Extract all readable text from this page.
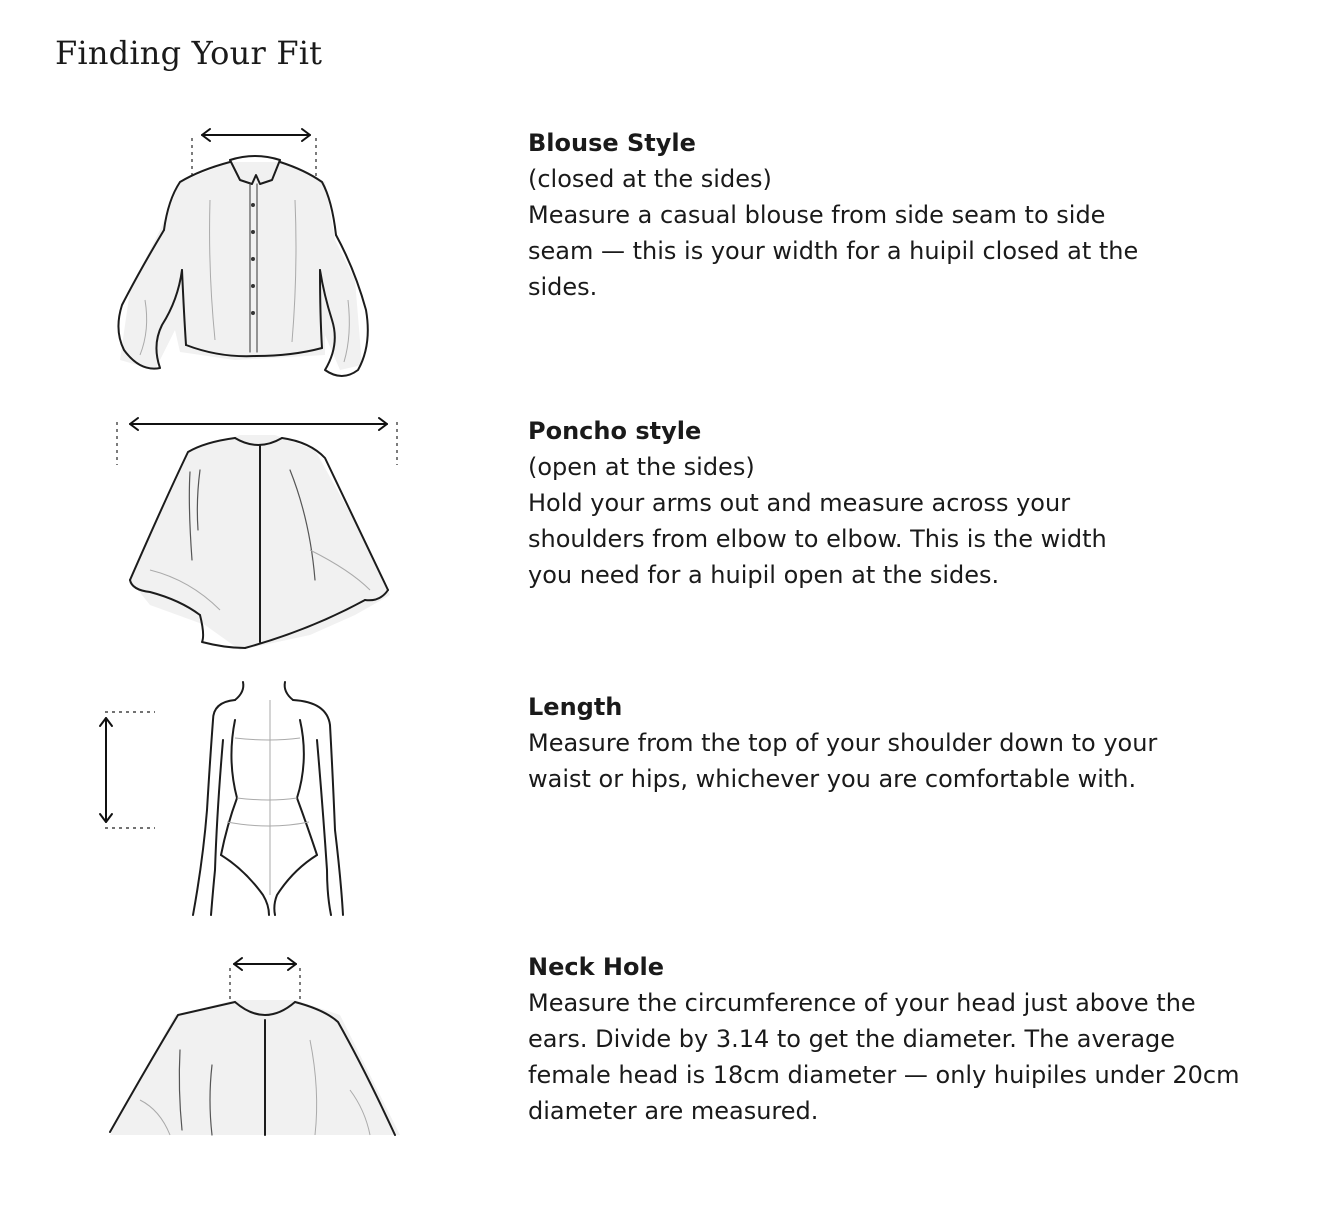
Finding Your Fit
Blouse Style
(closed at the sides)
Measure a casual blouse from side seam to side seam — this is your width for a huipil closed at the sides.
Poncho style
(open at the sides)
Hold your arms out and measure across your shoulders from elbow to elbow. This is the width you need for a huipil open at the sides.
Length
Measure from the top of your shoulder down to your waist or hips, whichever you are comfortable with.
Neck Hole
Measure the circumference of your head just above the ears. Divide by 3.14 to get the diameter. The average female head is 18cm diameter — only huipiles under 20cm diameter are measured.
